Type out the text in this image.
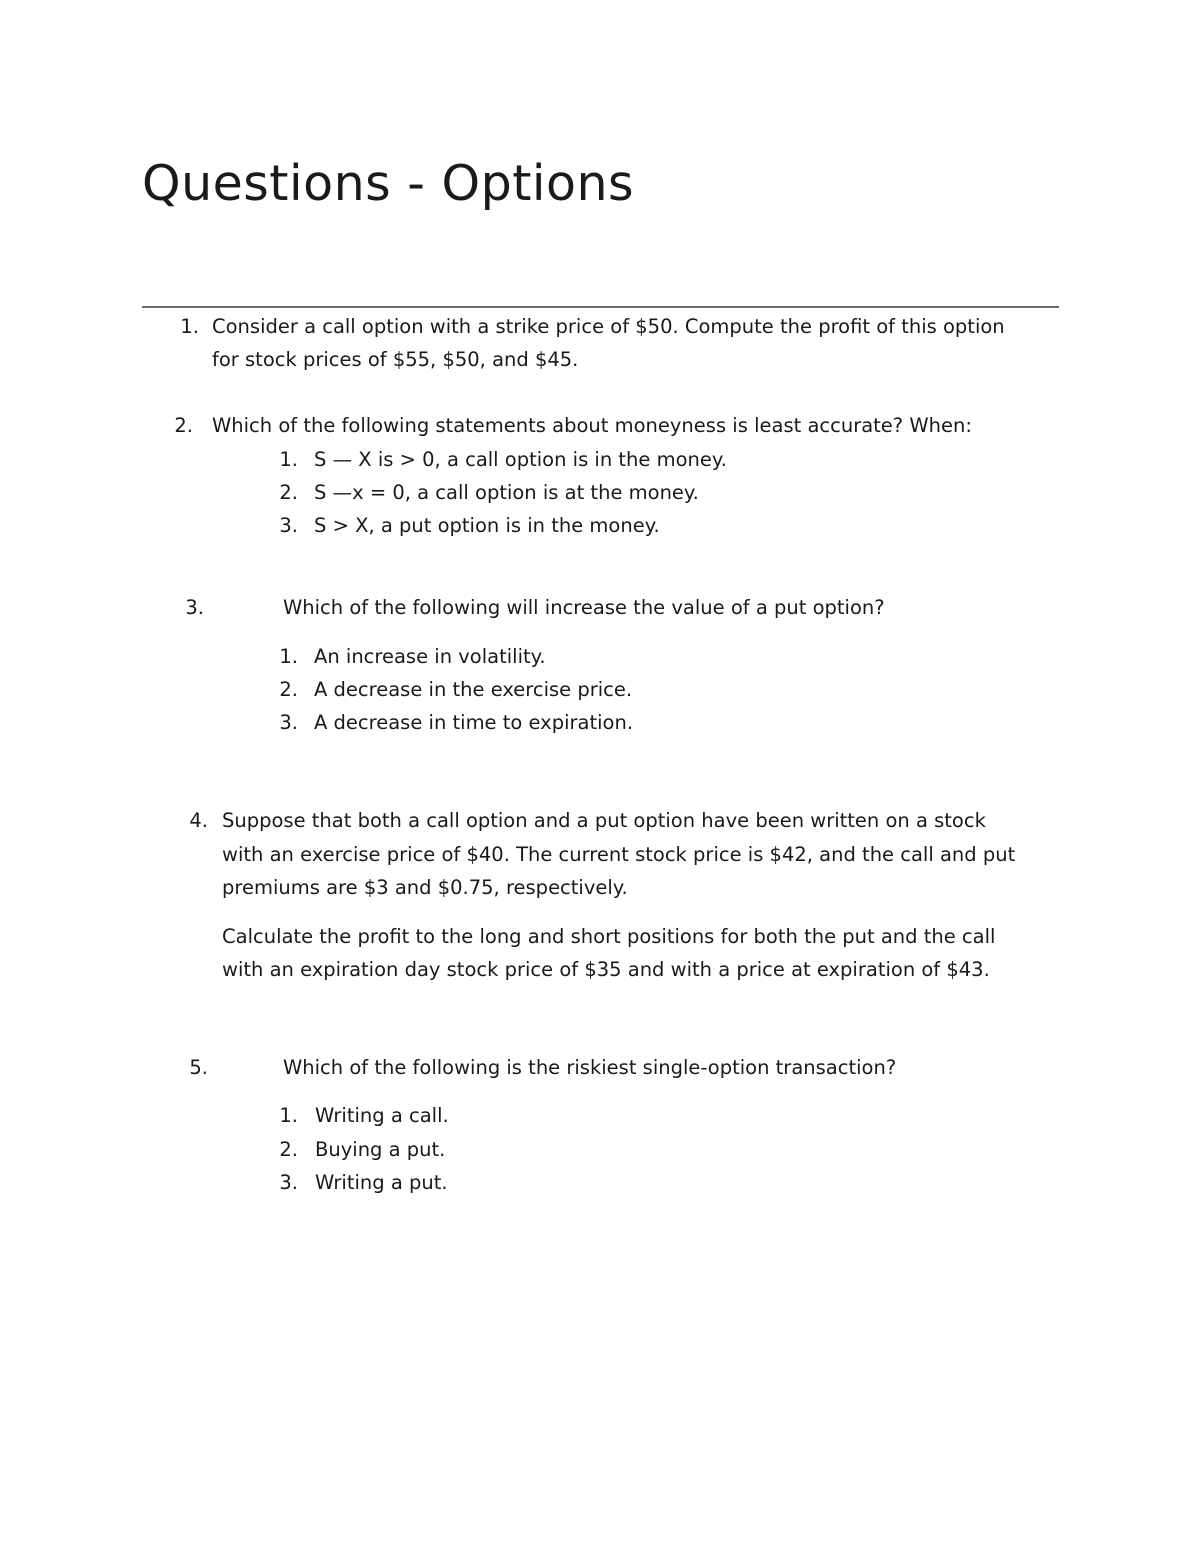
Questions - Options
1. Consider a call option with a strike price of $50. Compute the profit of this option
for stock prices of $55, $50, and $45.
2. Which of the following statements about moneyness is least accurate? When:
1. S — X is > 0, a call option is in the money.
2. S —x = 0, a call option is at the money.
3. S > X, a put option is in the money.
3.	Which of the following will increase the value of a put option?
1. An increase in volatility.
2. A decrease in the exercise price.
3. A decrease in time to expiration.
4. Suppose that both a call option and a put option have been written on a stock
with an exercise price of $40. The current stock price is $42, and the call and put
premiums are $3 and $0.75, respectively.
Calculate the profit to the long and short positions for both the put and the call
with an expiration day stock price of $35 and with a price at expiration of $43.
5.	Which of the following is the riskiest single-option transaction?
1. Writing a call.
2. Buying a put.
3. Writing a put.
